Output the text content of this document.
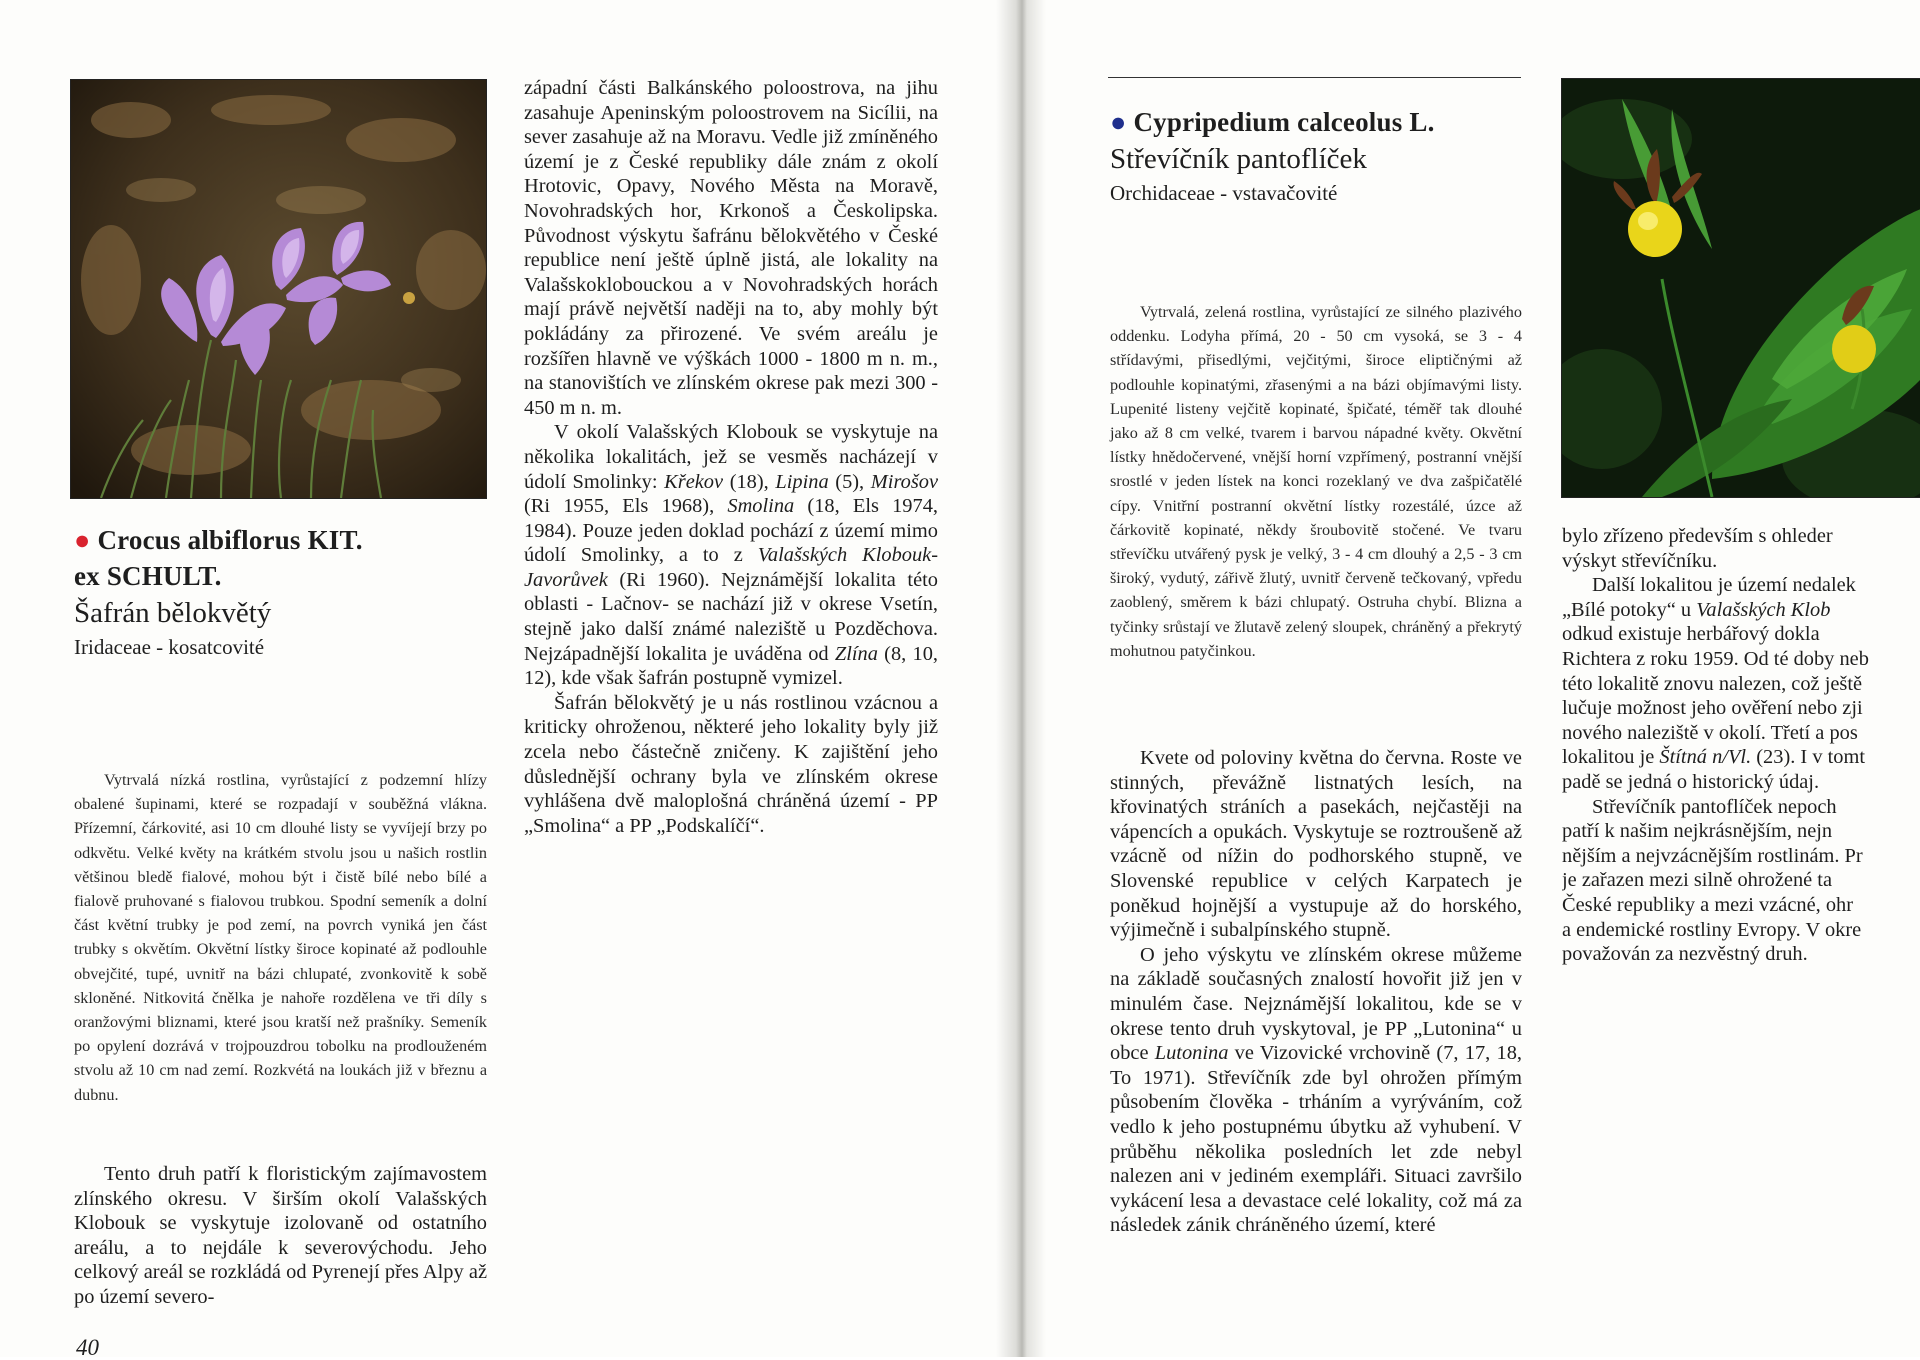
● Crocus albiflorus KIT.
ex SCHULT.
Šafrán bělokvětý
Iridaceae - kosatcovité

Vytrvalá nízká rostlina, vyrůstající z podzemní hlízy obalené šupinami, které se rozpadají v souběžná vlákna. Přízemní, čárkovité, asi 10 cm dlouhé listy se vyvíjejí brzy po odkvětu. Velké květy na krátkém stvolu jsou u našich rostlin většinou bledě fialové, mohou být i čistě bílé nebo bílé a fialově pruhované s fialovou trubkou. Spodní semeník a dolní část květní trubky je pod zemí, na povrch vyniká jen část trubky s okvětím. Okvětní lístky široce kopinaté až podlouhle obvejčité, tupé, uvnitř na bázi chlupaté, zvonkovitě k sobě skloněné. Nitkovitá čnělka je nahoře rozdělena ve tři díly s oranžovými bliznami, které jsou kratší než prašníky. Semeník po opylení dozrává v trojpouzdrou tobolku na prodlouženém stvolu až 10 cm nad zemí. Rozkvétá na loukách již v březnu a dubnu.

Tento druh patří k floristickým zajímavostem zlínského okresu. V širším okolí Valašských Klobouk se vyskytuje izolovaně od ostatního areálu, a to nejdále k severovýchodu. Jeho celkový areál se rozkládá od Pyrenejí přes Alpy až po území severo-

40

západní části Balkánského poloostrova, na jihu zasahuje Apeninským poloostrovem na Sicílii, na sever zasahuje až na Moravu. Vedle již zmíněného území je z České republiky dále znám z okolí Hrotovic, Opavy, Nového Města na Moravě, Novohradských hor, Krkonoš a Českolipska. Původnost výskytu šafránu bělokvětého v České republice není ještě úplně jistá, ale lokality na Valašskoklobouckou a v Novohradských horách mají právě největší naději na to, aby mohly být pokládány za přirozené. Ve svém areálu je rozšířen hlavně ve výškách 1000 - 1800 m n. m., na stanovištích ve zlínském okrese pak mezi 300 - 450 m n. m.

V okolí Valašských Klobouk se vyskytuje na několika lokalitách, jež se vesměs nacházejí v údolí Smolinky: Křekov (18), Lipina (5), Mirošov (Ri 1955, Els 1968), Smolina (18, Els 1974, 1984). Pouze jeden doklad pochází z území mimo údolí Smolinky, a to z Valašských Klobouk-Javorůvek (Ri 1960). Nejznámější lokalita této oblasti - Lačnov- se nachází již v okrese Vsetín, stejně jako další známé naleziště u Pozděchova. Nejzápadnější lokalita je uváděna od Zlína (8, 10, 12), kde však šafrán postupně vymizel.

Šafrán bělokvětý je u nás rostlinou vzácnou a kriticky ohroženou, některé jeho lokality byly již zcela nebo částečně zničeny. K zajištění jeho důslednější ochrany byla ve zlínském okrese vyhlášena dvě maloplošná chráněná území - PP „Smolina“ a PP „Podskalíčí“.

● Cypripedium calceolus L.
Střevíčník pantoflíček
Orchidaceae - vstavačovité

Vytrvalá, zelená rostlina, vyrůstající ze silného plazivého oddenku. Lodyha přímá, 20 - 50 cm vysoká, se 3 - 4 střídavými, přisedlými, vejčitými, široce eliptičnými až podlouhle kopinatými, zřasenými a na bázi objímavými listy. Lupenité listeny vejčitě kopinaté, špičaté, téměř tak dlouhé jako až 8 cm velké, tvarem i barvou nápadné květy. Okvětní lístky hnědočervené, vnější horní vzpřímený, postranní vnější srostlé v jeden lístek na konci rozeklaný ve dva zašpičatělé cípy. Vnitřní postranní okvětní lístky rozestálé, úzce až čárkovitě kopinaté, někdy šroubovitě stočené. Ve tvaru střevíčku utvářený pysk je velký, 3 - 4 cm dlouhý a 2,5 - 3 cm široký, vydutý, zářivě žlutý, uvnitř červeně tečkovaný, vpředu zaoblený, směrem k bázi chlupatý. Ostruha chybí. Blizna a tyčinky srůstají ve žlutavě zelený sloupek, chráněný a překrytý mohutnou patyčinkou.

Kvete od poloviny května do června. Roste ve stinných, převážně listnatých lesích, na křovinatých stráních a pasekách, nejčastěji na vápencích a opukách. Vyskytuje se roztroušeně až vzácně od nížin do podhorského stupně, ve Slovenské republice v celých Karpatech je poněkud hojnější a vystupuje až do horského, výjimečně i subalpínského stupně.

O jeho výskytu ve zlínském okrese můžeme na základě současných znalostí hovořit již jen v minulém čase. Nejznámější lokalitou, kde se v okrese tento druh vyskytoval, je PP „Lutonina“ u obce Lutonina ve Vizovické vrchovině (7, 17, 18, To 1971). Střevíčník zde byl ohrožen přímým působením člověka - trháním a vyrýváním, což vedlo k jeho postupnému úbytku až vyhubení. V průběhu několika posledních let zde nebyl nalezen ani v jediném exempláři. Situaci završilo vykácení lesa a devastace celé lokality, což má za následek zánik chráněného území, které

bylo zřízeno především s ohleder
výskyt střevíčníku.
Další lokalitou je území nedalek
„Bílé potoky“ u Valašských Klob
odkud existuje herbářový dokla
Richtera z roku 1959. Od té doby neb
této lokalitě znovu nalezen, což ještě
lučuje možnost jeho ověření nebo zji
nového naleziště v okolí. Třetí a pos
lokalitou je Štítná n/Vl. (23). I v tomt
padě se jedná o historický údaj.
Střevíčník pantoflíček nepoch
patří k našim nejkrásnějším, nejn
nějším a nejvzácnějším rostlinám. Pr
je zařazen mezi silně ohrožené ta
České republiky a mezi vzácné, ohr
a endemické rostliny Evropy. V okre
považován za nezvěstný druh.
